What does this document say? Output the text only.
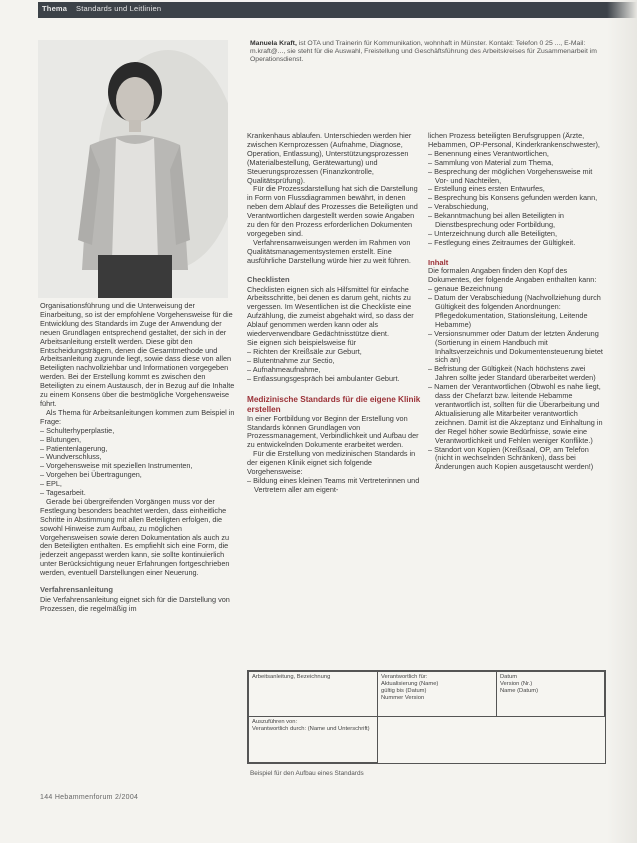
Thema Standards und Leitlinien
Manuela Kraft, ist OTA und Trainerin für Kommunikation, wohnhaft in Münster. Kontakt: Telefon 0 25 ..., E-Mail: m.kraft@..., sie steht für die Auswahl, Freistellung und Geschäftsführung des Arbeitskreises für Zusammenarbeit im Operationsdienst.

Organisationsführung und die Unterweisung der Einarbeitung, so ist der empfohlene Vorgehensweise für die Entwicklung des Standards im Zuge der Anwendung der neuen Grundlagen entsprechend gestaltet, der sich in der Arbeitsanleitung erstellt werden. Diese gibt den Entscheidungsträgern, denen die Gesamtmethode und Arbeitsanleitung zugrunde liegt, sowie dass diese von allen Beteiligten nachvollziehbar und Informationen vorgegeben werden. Bei der Erstellung kommt es zwischen den Beteiligten zu einem Austausch, der in Bezug auf die Inhalte zu einem Konsens über die bestmögliche Vorgehensweise führt.

Als Thema für Arbeitsanleitungen kommen zum Beispiel in Frage:

– Schulterhyperplastie,
– Blutungen,
– Patientenlagerung,
– Wundverschluss,
– Vorgehensweise mit speziellen Instrumenten,
– Vorgehen bei Übertragungen,
– EPL,
– Tagesarbeit.

Gerade bei übergreifenden Vorgängen muss vor der Festlegung besonders beachtet werden, dass einheitliche Schritte in Abstimmung mit allen Beteiligten erfolgen, die sowohl Hinweise zum Aufbau, zu möglichen Vorgehensweisen sowie deren Dokumentation als auch zu den Beteiligten enthalten. Es empfiehlt sich eine Form, die jederzeit angepasst werden kann, sie sollte kontinuierlich unter Berücksichtigung neuer Erfahrungen fortgeschrieben werden, eventuell Darstellungen einer Neuerung.

Verfahrensanleitung

Die Verfahrensanleitung eignet sich für die Darstellung von Prozessen, die regelmäßig im

Krankenhaus ablaufen. Unterschieden werden hier zwischen Kernprozessen (Aufnahme, Diagnose, Operation, Entlassung), Unterstützungsprozessen (Materialbestellung, Gerätewartung) und Steuerungsprozessen (Finanzkontrolle, Qualitätsprüfung).

Für die Prozessdarstellung hat sich die Darstellung in Form von Flussdiagrammen bewährt, in denen neben dem Ablauf des Prozesses die Beteiligten und Verantwortlichen dargestellt werden sowie Angaben zu den für den Prozess erforderlichen Dokumenten vorgegeben sind.

Verfahrensanweisungen werden im Rahmen von Qualitätsmanagementsystemen erstellt. Eine ausführliche Darstellung würde hier zu weit führen.

Checklisten

Checklisten eignen sich als Hilfsmittel für einfache Arbeitsschritte, bei denen es darum geht, nichts zu vergessen. Im Wesentlichen ist die Checkliste eine Aufzählung, die zumeist abgehakt wird, so dass der Ablauf genommen werden kann oder als wiederverwendbare Gedächtnisstütze dient.

Sie eignen sich beispielsweise für

– Richten der Kreißsäle zur Geburt,
– Blutentnahme zur Sectio,
– Aufnahmeaufnahme,
– Entlassungsgespräch bei ambulanter Geburt.
Medizinische Standards für die eigene Klinik erstellen

In einer Fortbildung vor Beginn der Erstellung von Standards können Grundlagen von Prozessmanagement, Verbindlichkeit und Aufbau der zu entwickelnden Dokumente erarbeitet werden.

Für die Erstellung von medizinischen Standards in der eigenen Klinik eignet sich folgende Vorgehensweise:

– Bildung eines kleinen Teams mit Vertreterinnen und Vertretern aller am eigent-

lichen Prozess beteiligten Berufsgruppen (Ärzte, Hebammen, OP-Personal, Kinderkrankenschwester),

– Benennung eines Verantwortlichen,
– Sammlung von Material zum Thema,
– Besprechung der möglichen Vorgehensweise mit Vor- und Nachteilen,
– Erstellung eines ersten Entwurfes,
– Besprechung bis Konsens gefunden werden kann,
– Verabschiedung,
– Bekanntmachung bei allen Beteiligten in Dienstbesprechung oder Fortbildung,
– Unterzeichnung durch alle Beteiligten,
– Festlegung eines Zeitraumes der Gültigkeit.
Inhalt

Die formalen Angaben finden den Kopf des Dokumentes, der folgende Angaben enthalten kann:

– genaue Bezeichnung
– Datum der Verabschiedung (Nachvollziehung durch Gültigkeit des folgenden Anordnungen: Pflegedokumentation, Stationsleitung, Leitende Hebamme)
– Versionsnummer oder Datum der letzten Änderung (Sortierung in einem Handbuch mit Inhaltsverzeichnis und Dokumentensteuerung bietet sich an)
– Befristung der Gültigkeit (Nach höchstens zwei Jahren sollte jeder Standard überarbeitet werden)
– Namen der Verantwortlichen (Obwohl es nahe liegt, dass der Chefarzt bzw. leitende Hebamme verantwortlich ist, sollten für die Überarbeitung und Aktualisierung alle Mitarbeiter verantwortlich zeichnen. Damit ist die Akzeptanz und Einhaltung in der Regel höher sowie Bedürfnisse, sowie eine Verantwortlichkeit und Fehlen weniger Konflikte.)
– Standort von Kopien (Kreißsaal, OP, am Telefon (nicht in wechselnden Schränken), dass bei Änderungen auch Kopien ausgetauscht werden!)
Arbeitsanleitung, Bezeichnung	Verantwortlich für:
Aktualisierung (Name)
gültig bis (Datum)
Nummer Version
Datum
Version (Nr.)
Name (Datum)
Auszuführen von:
Verantwortlich durch: (Name und Unterschrift)
Beispiel für den Aufbau eines Standards
144 Hebammenforum 2/2004
